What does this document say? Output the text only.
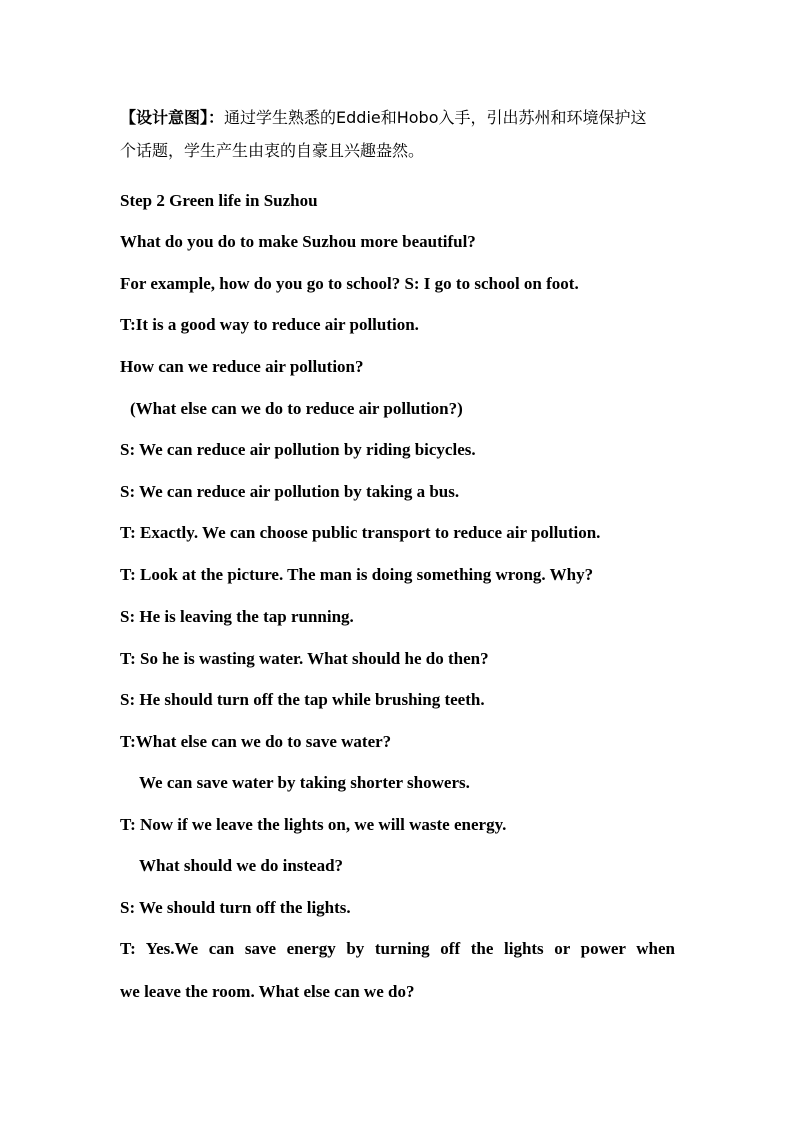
【设计意图】：通过学生熟悉的Eddie和Hobo入手，引出苏州和环境保护这
个话题，学生产生由衷的自豪且兴趣盎然。
Step 2 Green life in Suzhou
What do you do to make Suzhou more beautiful?
For example, how do you go to school? S: I go to school on foot.
T:It is a good way to reduce air pollution.
How can we reduce air pollution?
(What else can we do to reduce air pollution?)
S: We can reduce air pollution by riding bicycles.
S: We can reduce air pollution by taking a bus.
T: Exactly. We can choose public transport to reduce air pollution.
T: Look at the picture. The man is doing something wrong. Why?
S: He is leaving the tap running.
T: So he is wasting water. What should he do then?
S: He should turn off the tap while brushing teeth.
T:What else can we do to save water?
We can save water by taking shorter showers.
T: Now if we leave the lights on, we will waste energy.
What should we do instead?
S: We should turn off the lights.
T: Yes.We can save energy by turning off the lights or power when
we leave the room. What else can we do?
